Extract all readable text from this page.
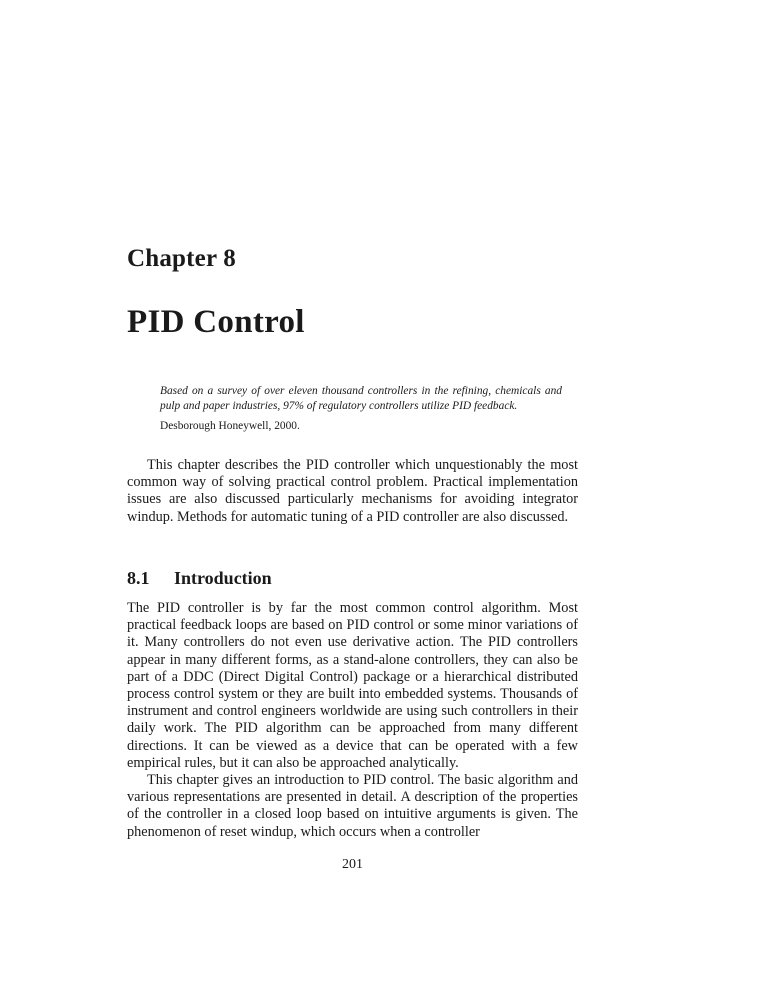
Chapter 8
PID Control

Based on a survey of over eleven thousand controllers in the refining, chemicals and pulp and paper industries, 97% of regulatory controllers utilize PID feedback.

Desborough Honeywell, 2000.

This chapter describes the PID controller which unquestionably the most common way of solving practical control problem. Practical implementation issues are also discussed particularly mechanisms for avoiding integrator windup. Methods for automatic tuning of a PID controller are also discussed.

8.1 Introduction

The PID controller is by far the most common control algorithm. Most practical feedback loops are based on PID control or some minor variations of it. Many controllers do not even use derivative action. The PID controllers appear in many different forms, as a stand-alone controllers, they can also be part of a DDC (Direct Digital Control) package or a hierarchical distributed process control system or they are built into embedded systems. Thousands of instrument and control engineers worldwide are using such controllers in their daily work. The PID algorithm can be approached from many different directions. It can be viewed as a device that can be operated with a few empirical rules, but it can also be approached analytically.

This chapter gives an introduction to PID control. The basic algorithm and various representations are presented in detail. A description of the properties of the controller in a closed loop based on intuitive arguments is given. The phenomenon of reset windup, which occurs when a controller

201
